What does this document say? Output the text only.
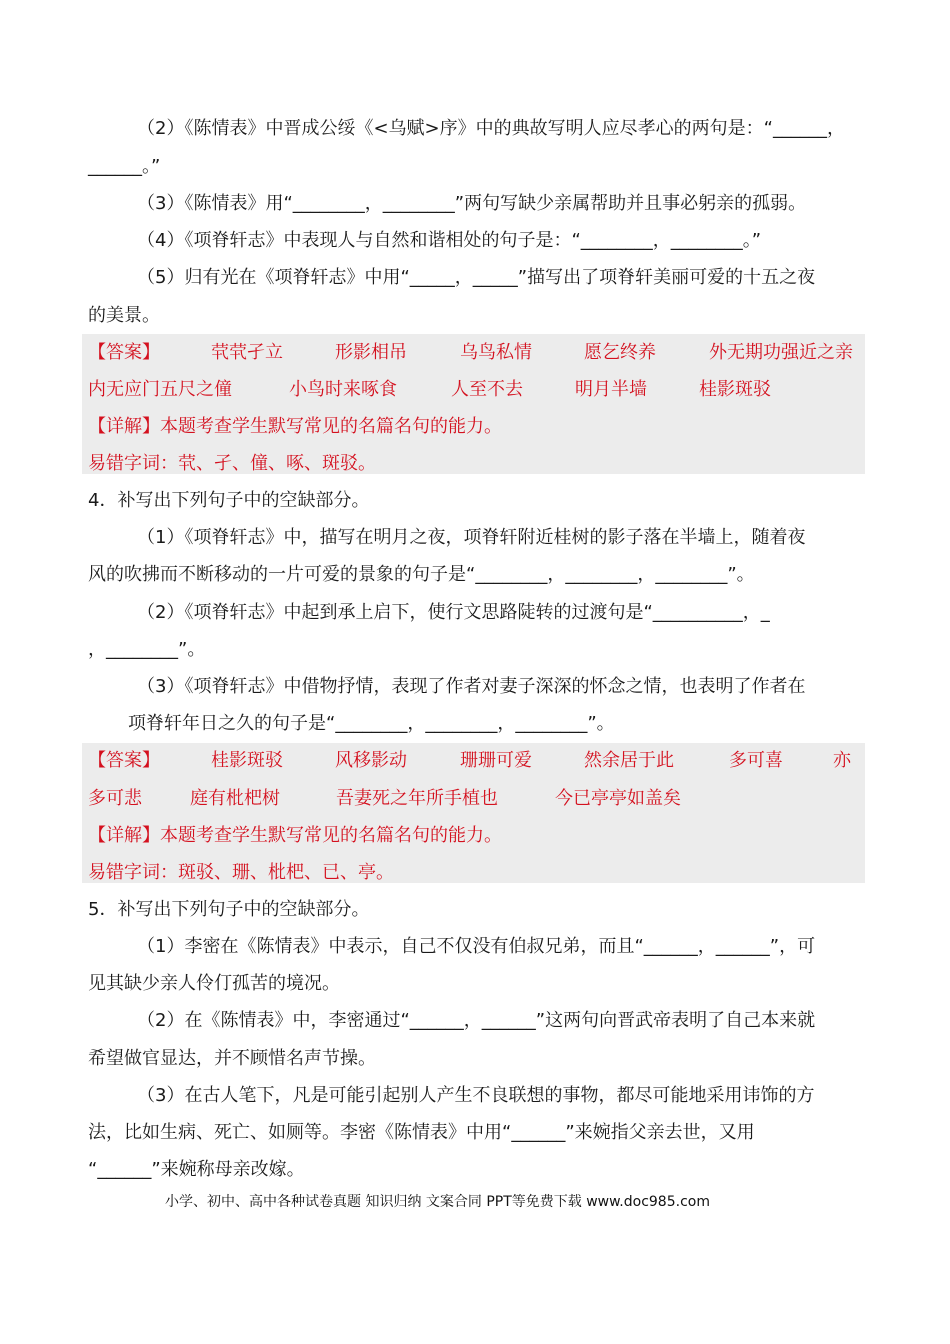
（2）《陈情表》中晋成公绥《<乌赋>序》中的典故写明人应尽孝心的两句是：“______，
______。”
（3）《陈情表》用“________，________”两句写缺少亲属帮助并且事必躬亲的孤弱。
（4）《项脊轩志》中表现人与自然和谐相处的句子是：“________，________。”
（5）归有光在《项脊轩志》中用“_____，_____”描写出了项脊轩美丽可爱的十五之夜
的美景。
【答案】	茕茕孑立	形影相吊	乌鸟私情	愿乞终养	外无期功强近之亲
内无应门五尺之僮	小鸟时来啄食	人至不去	明月半墙	桂影斑驳
【详解】本题考查学生默写常见的名篇名句的能力。
易错字词：茕、孑、僮、啄、斑驳。
4．补写出下列句子中的空缺部分。
（1）《项脊轩志》中，描写在明月之夜，项脊轩附近桂树的影子落在半墙上，随着夜
风的吹拂而不断移动的一片可爱的景象的句子是“________，________，________”。
（2）《项脊轩志》中起到承上启下，使行文思路陡转的过渡句是“__________，_
，________”。
（3）《项脊轩志》中借物抒情，表现了作者对妻子深深的怀念之情，也表明了作者在
项脊轩年日之久的句子是“________，________，________”。
【答案】	桂影斑驳	风移影动	珊珊可爱	然余居于此	多可喜	亦
多可悲	庭有枇杷树	吾妻死之年所手植也	今已亭亭如盖矣
【详解】本题考查学生默写常见的名篇名句的能力。
易错字词：斑驳、珊、枇杷、已、亭。
5．补写出下列句子中的空缺部分。
（1）李密在《陈情表》中表示，自己不仅没有伯叔兄弟，而且“______，______”，可
见其缺少亲人伶仃孤苦的境况。
（2）在《陈情表》中，李密通过“______，______”这两句向晋武帝表明了自己本来就
希望做官显达，并不顾惜名声节操。
（3）在古人笔下，凡是可能引起别人产生不良联想的事物，都尽可能地采用讳饰的方
法，比如生病、死亡、如厕等。李密《陈情表》中用“______”来婉指父亲去世，又用
“______”来婉称母亲改嫁。
小学、初中、高中各种试卷真题 知识归纳 文案合同 PPT等免费下载 www.doc985.com
